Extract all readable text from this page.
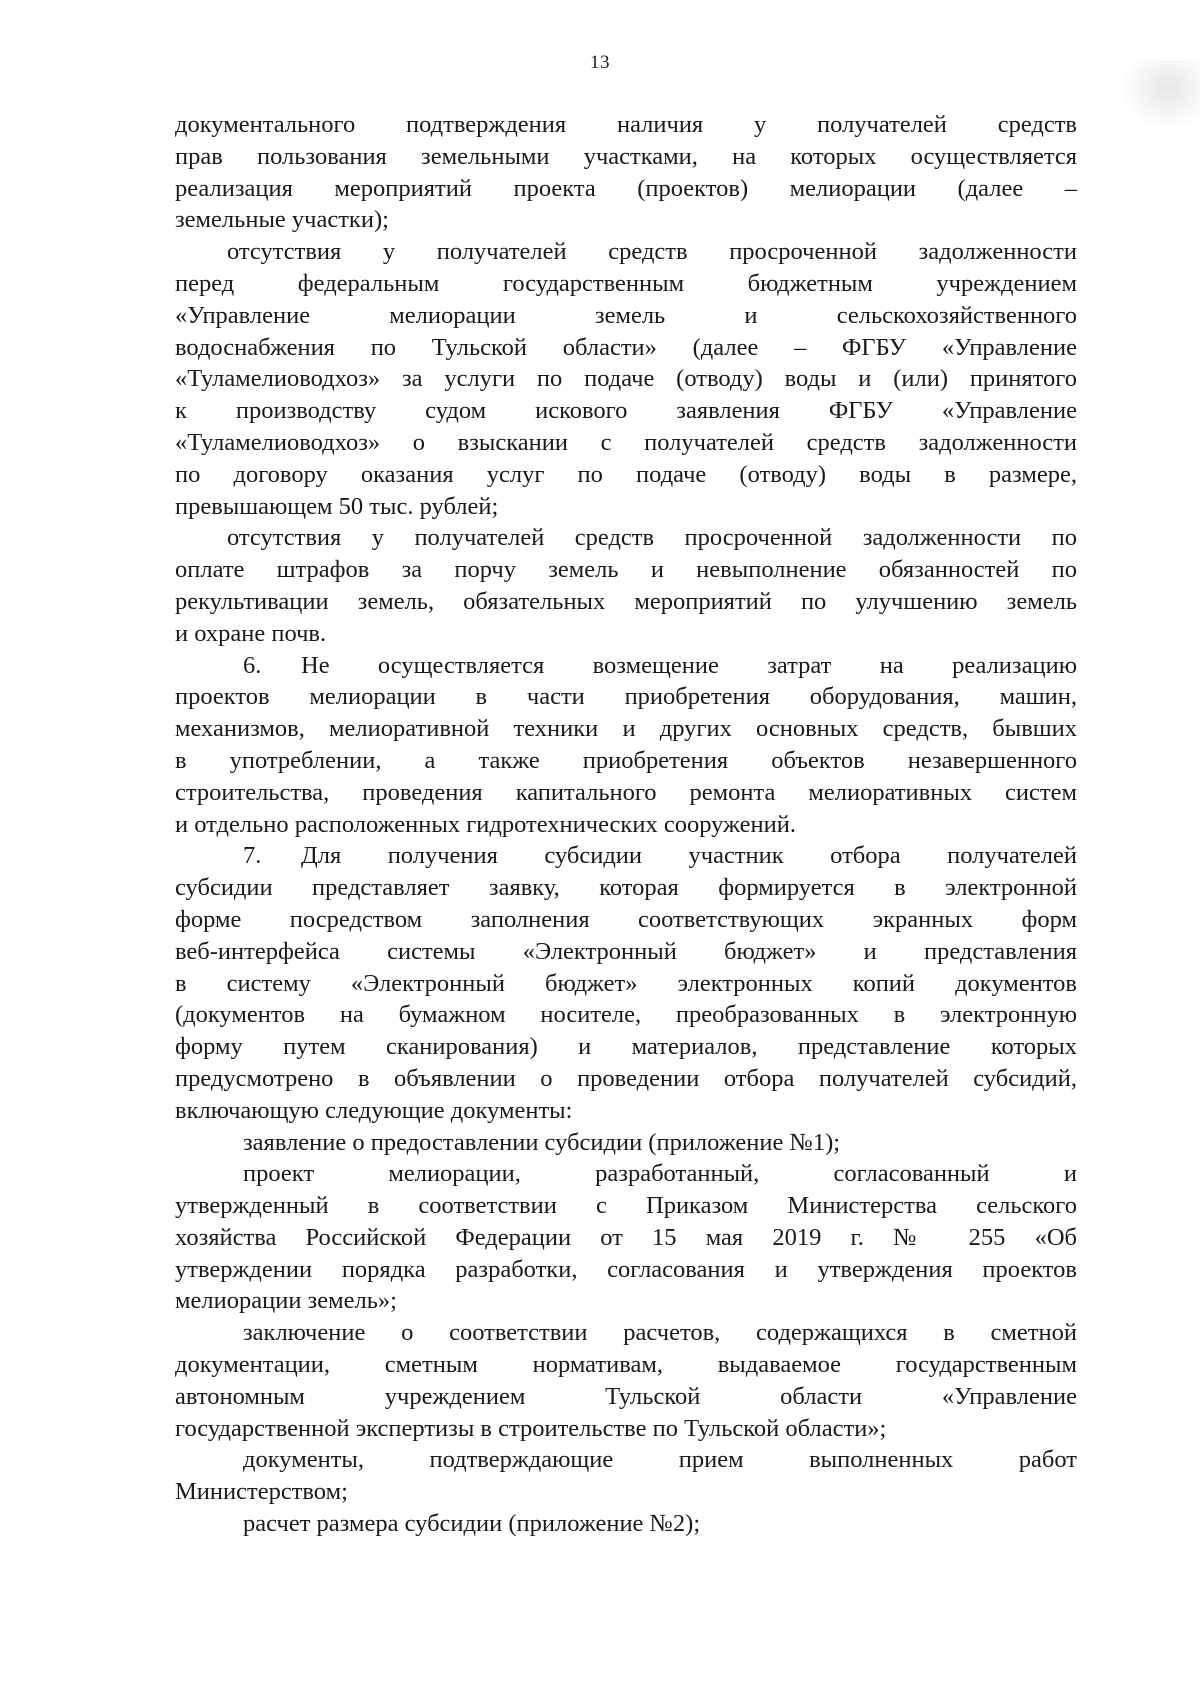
13
документального подтверждения наличия у получателей средств
прав пользования земельными участками, на которых осуществляется
реализация мероприятий проекта (проектов) мелиорации (далее –
земельные участки);
отсутствия у получателей средств просроченной задолженности
перед федеральным государственным бюджетным учреждением
«Управление мелиорации земель и сельскохозяйственного
водоснабжения по Тульской области» (далее – ФГБУ «Управление
«Туламелиоводхоз» за услуги по подаче (отводу) воды и (или) принятого
к производству судом искового заявления ФГБУ «Управление
«Туламелиоводхоз» о взыскании с получателей средств задолженности
по договору оказания услуг по подаче (отводу) воды в размере,
превышающем 50 тыс. рублей;
отсутствия у получателей средств просроченной задолженности по
оплате штрафов за порчу земель и невыполнение обязанностей по
рекультивации земель, обязательных мероприятий по улучшению земель
и охране почв.
6. Не осуществляется возмещение затрат на реализацию
проектов мелиорации в части приобретения оборудования, машин,
механизмов, мелиоративной техники и других основных средств, бывших
в употреблении, а также приобретения объектов незавершенного
строительства, проведения капитального ремонта мелиоративных систем
и отдельно расположенных гидротехнических сооружений.
7. Для получения субсидии участник отбора получателей
субсидии представляет заявку, которая формируется в электронной
форме посредством заполнения соответствующих экранных форм
веб-интерфейса системы «Электронный бюджет» и представления
в систему «Электронный бюджет» электронных копий документов
(документов на бумажном носителе, преобразованных в электронную
форму путем сканирования) и материалов, представление которых
предусмотрено в объявлении о проведении отбора получателей субсидий,
включающую следующие документы:
заявление о предоставлении субсидии (приложение №1);
проект мелиорации, разработанный, согласованный и
утвержденный в соответствии с Приказом Министерства сельского
хозяйства Российской Федерации от 15 мая 2019 г. № 255 «Об
утверждении порядка разработки, согласования и утверждения проектов
мелиорации земель»;
заключение о соответствии расчетов, содержащихся в сметной
документации, сметным нормативам, выдаваемое государственным
автономным учреждением Тульской области «Управление
государственной экспертизы в строительстве по Тульской области»;
документы, подтверждающие прием выполненных работ
Министерством;
расчет размера субсидии (приложение №2);
